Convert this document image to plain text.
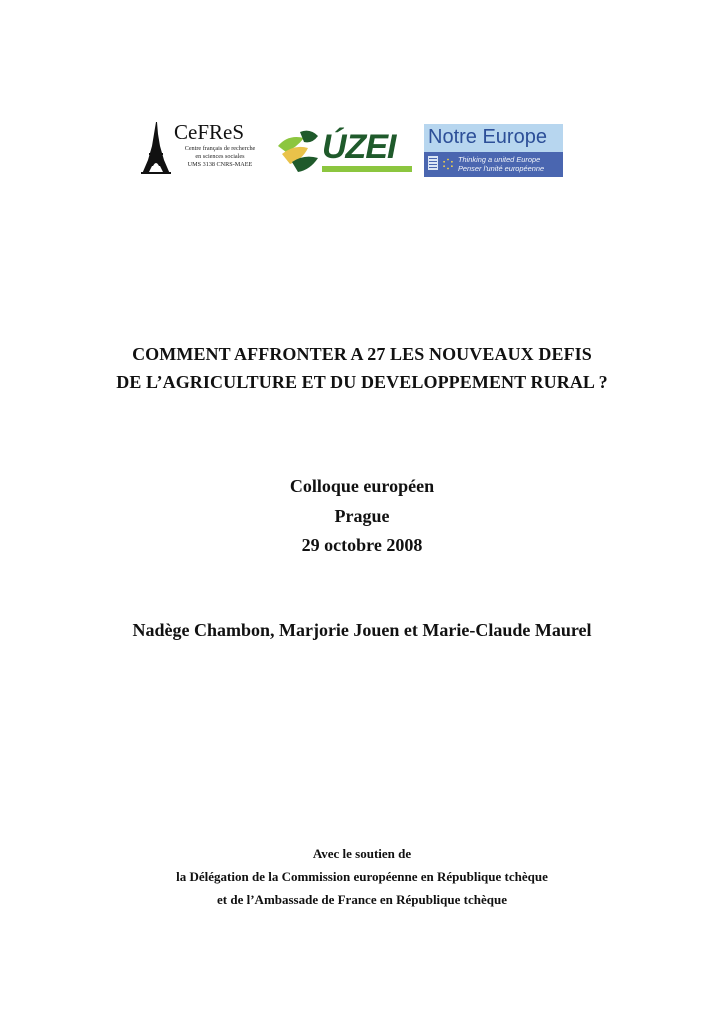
CeFReS
Centre français de recherche
en sciences sociales
UMS 3138 CNRS-MAEE	ÚZEI Notre Europe
Thinking a united Europe
Penser l'unité européenne
COMMENT AFFRONTER A 27 LES NOUVEAUX DEFIS
DE L’AGRICULTURE ET DU DEVELOPPEMENT RURAL ?
Colloque européen
Prague
29 octobre 2008
Nadège Chambon, Marjorie Jouen et Marie-Claude Maurel
Avec le soutien de
la Délégation de la Commission européenne en République tchèque
et de l’Ambassade de France en République tchèque
